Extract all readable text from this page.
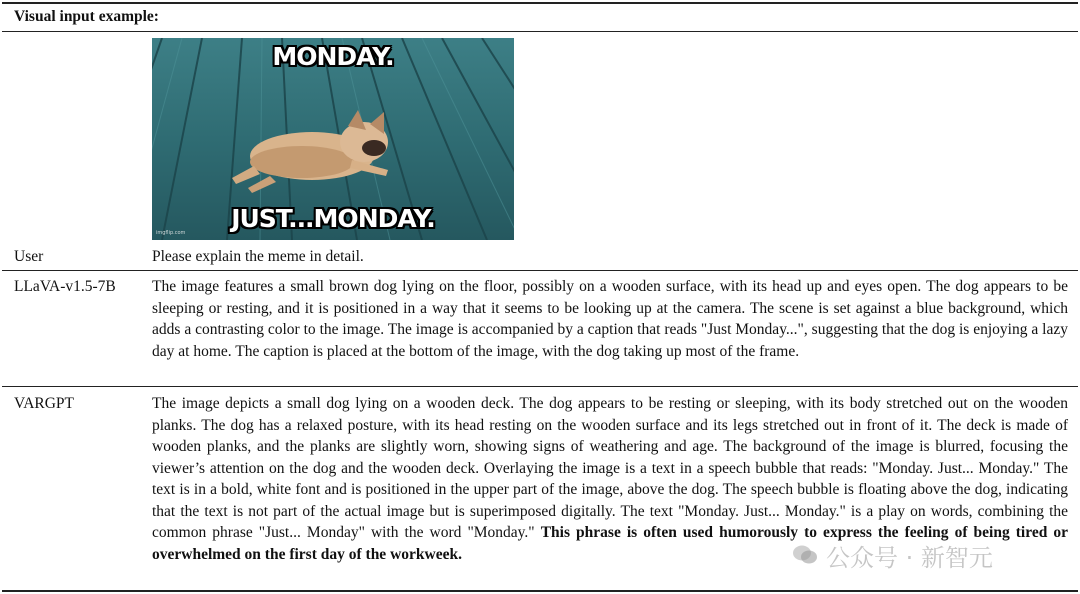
Visual input example:
MONDAY.
JUST...MONDAY.
imgflip.com
User	Please explain the meme in detail.
LLaVA-v1.5-7B The image features a small brown dog lying on the floor, possibly on a wooden surface, with its head up and eyes open. The dog appears to be sleeping or resting, and it is positioned in a way that it seems to be looking up at the camera. The scene is set against a blue background, which adds a contrasting color to the image. The image is accompanied by a caption that reads "Just Monday...", suggesting that the dog is enjoying a lazy day at home. The caption is placed at the bottom of the image, with the dog taking up most of the frame.
VARGPT	The image depicts a small dog lying on a wooden deck. The dog appears to be resting or sleeping, with its body stretched out on the wooden planks. The dog has a relaxed posture, with its head resting on the wooden surface and its legs stretched out in front of it. The deck is made of wooden planks, and the planks are slightly worn, showing signs of weathering and age. The background of the image is blurred, focusing the viewer’s attention on the dog and the wooden deck. Overlaying the image is a text in a speech bubble that reads: "Monday. Just... Monday." The text is in a bold, white font and is positioned in the upper part of the image, above the dog. The speech bubble is floating above the dog, indicating that the text is not part of the actual image but is superimposed digitally. The text "Monday. Just... Monday." is a play on words, combining the common phrase "Just... Monday" with the word "Monday." This phrase is often used humorously to express the feeling of being tired or overwhelmed on the first day of the workweek.	公众号 · 新智元
